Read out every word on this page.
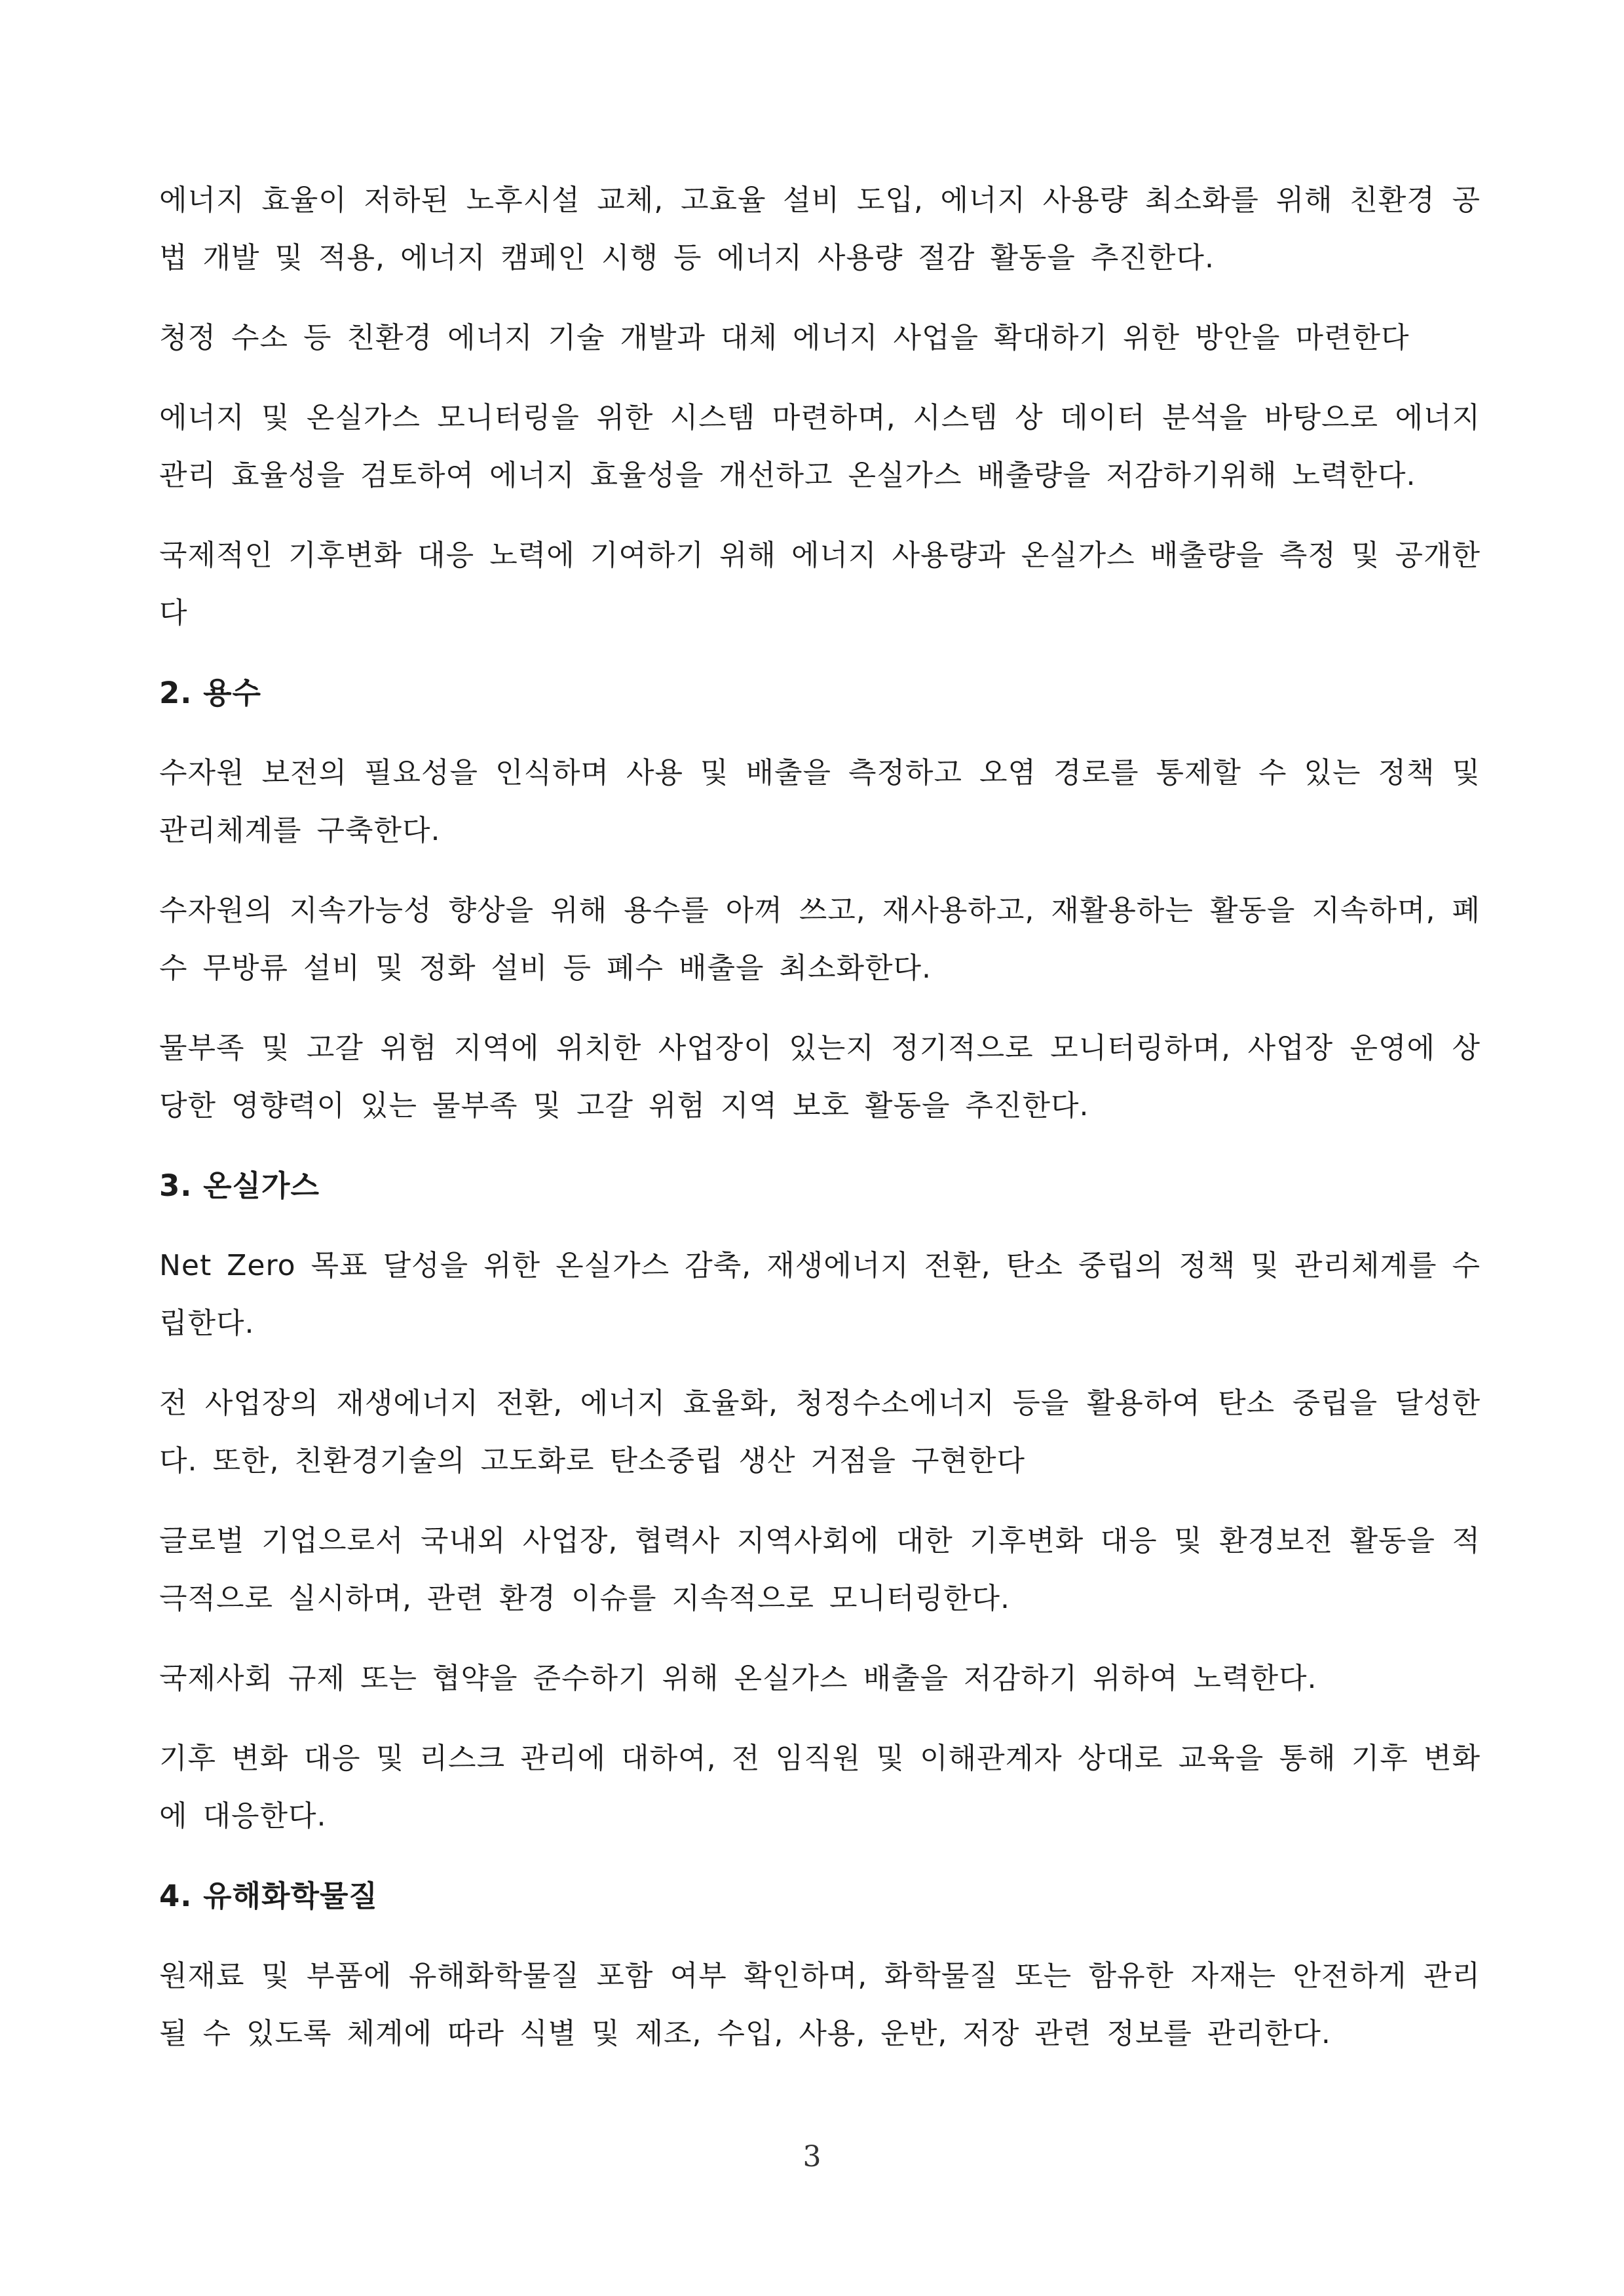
에너지 효율이 저하된 노후시설 교체, 고효율 설비 도입, 에너지 사용량 최소화를 위해 친환경 공법 개발 및 적용, 에너지 캠페인 시행 등 에너지 사용량 절감 활동을 추진한다.

청정 수소 등 친환경 에너지 기술 개발과 대체 에너지 사업을 확대하기 위한 방안을 마련한다

에너지 및 온실가스 모니터링을 위한 시스템 마련하며, 시스템 상 데이터 분석을 바탕으로 에너지 관리 효율성을 검토하여 에너지 효율성을 개선하고 온실가스 배출량을 저감하기위해 노력한다.

국제적인 기후변화 대응 노력에 기여하기 위해 에너지 사용량과 온실가스 배출량을 측정 및 공개한다

2. 용수

수자원 보전의 필요성을 인식하며 사용 및 배출을 측정하고 오염 경로를 통제할 수 있는 정책 및 관리체계를 구축한다.

수자원의 지속가능성 향상을 위해 용수를 아껴 쓰고, 재사용하고, 재활용하는 활동을 지속하며, 폐수 무방류 설비 및 정화 설비 등 폐수 배출을 최소화한다.

물부족 및 고갈 위험 지역에 위치한 사업장이 있는지 정기적으로 모니터링하며, 사업장 운영에 상당한 영향력이 있는 물부족 및 고갈 위험 지역 보호 활동을 추진한다.

3. 온실가스

Net Zero 목표 달성을 위한 온실가스 감축, 재생에너지 전환, 탄소 중립의 정책 및 관리체계를 수립한다.

전 사업장의 재생에너지 전환, 에너지 효율화, 청정수소에너지 등을 활용하여 탄소 중립을 달성한다. 또한, 친환경기술의 고도화로 탄소중립 생산 거점을 구현한다

글로벌 기업으로서 국내외 사업장, 협력사 지역사회에 대한 기후변화 대응 및 환경보전 활동을 적극적으로 실시하며, 관련 환경 이슈를 지속적으로 모니터링한다.

국제사회 규제 또는 협약을 준수하기 위해 온실가스 배출을 저감하기 위하여 노력한다.

기후 변화 대응 및 리스크 관리에 대하여, 전 임직원 및 이해관계자 상대로 교육을 통해 기후 변화에 대응한다.

4. 유해화학물질

원재료 및 부품에 유해화학물질 포함 여부 확인하며, 화학물질 또는 함유한 자재는 안전하게 관리될 수 있도록 체계에 따라 식별 및 제조, 수입, 사용, 운반, 저장 관련 정보를 관리한다.

3
